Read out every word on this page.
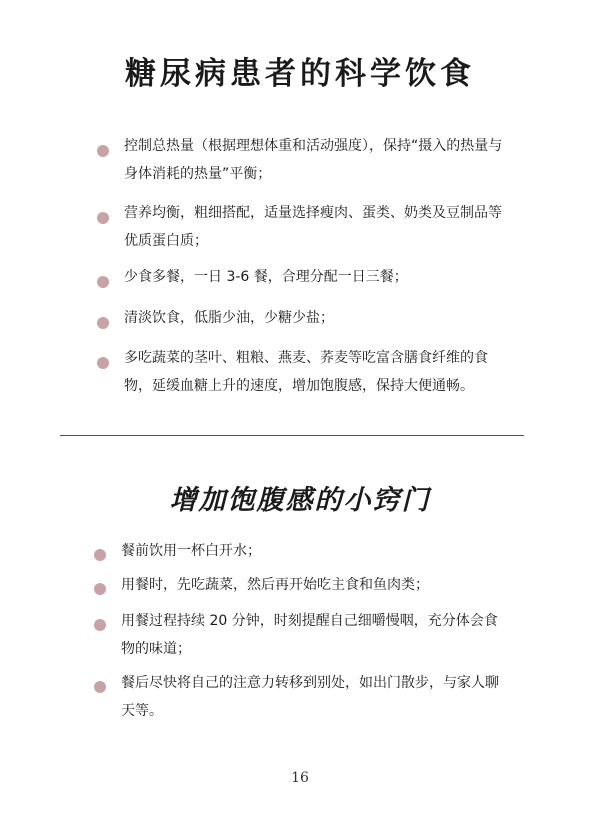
糖尿病患者的科学饮食
控制总热量（根据理想体重和活动强度），保持“摄入的热量与身体消耗的热量”平衡；
营养均衡，粗细搭配，适量选择瘦肉、蛋类、奶类及豆制品等优质蛋白质；
少食多餐，一日 3-6 餐，合理分配一日三餐；
清淡饮食，低脂少油，少糖少盐；
多吃蔬菜的茎叶、粗粮、燕麦、荞麦等吃富含膳食纤维的食物，延缓血糖上升的速度，增加饱腹感，保持大便通畅。
增加饱腹感的小窍门
餐前饮用一杯白开水；
用餐时，先吃蔬菜，然后再开始吃主食和鱼肉类；
用餐过程持续 20 分钟，时刻提醒自己细嚼慢咽，充分体会食物的味道；
餐后尽快将自己的注意力转移到别处，如出门散步，与家人聊天等。
16
